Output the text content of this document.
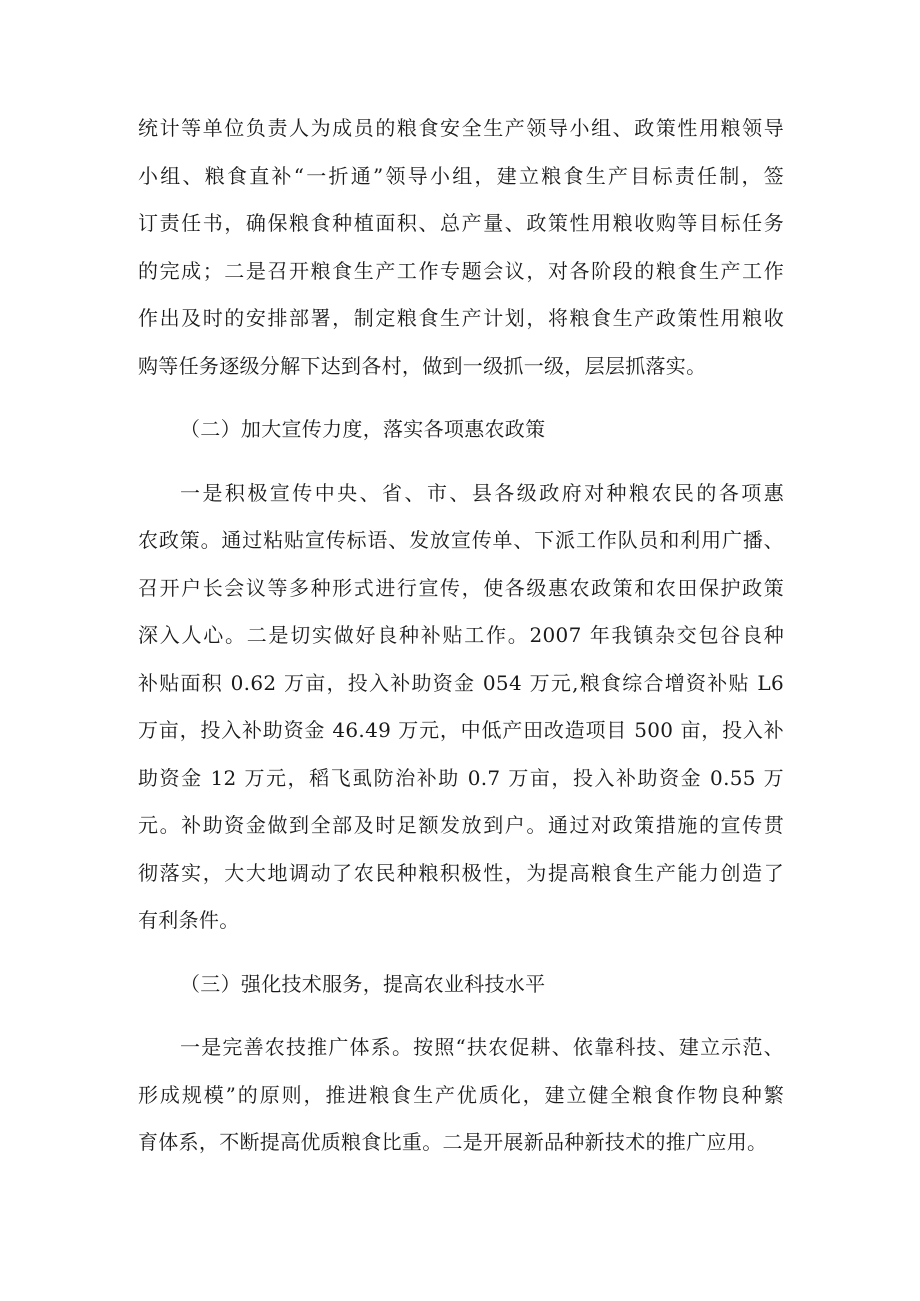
统计等单位负责人为成员的粮食安全生产领导小组、政策性用粮领导
小组、粮食直补“一折通”领导小组，建立粮食生产目标责任制，签
订责任书，确保粮食种植面积、总产量、政策性用粮收购等目标任务
的完成；二是召开粮食生产工作专题会议，对各阶段的粮食生产工作
作出及时的安排部署，制定粮食生产计划，将粮食生产政策性用粮收
购等任务逐级分解下达到各村，做到一级抓一级，层层抓落实。
（二）加大宣传力度，落实各项惠农政策
一是积极宣传中央、省、市、县各级政府对种粮农民的各项惠
农政策。通过粘贴宣传标语、发放宣传单、下派工作队员和利用广播、
召开户长会议等多种形式进行宣传，使各级惠农政策和农田保护政策
深入人心。二是切实做好良种补贴工作。2007 年我镇杂交包谷良种
补贴面积 0.62 万亩，投入补助资金 054 万元,粮食综合增资补贴 L6
万亩，投入补助资金 46.49 万元，中低产田改造项目 500 亩，投入补
助资金 12 万元，稻飞虱防治补助 0.7 万亩，投入补助资金 0.55 万
元。补助资金做到全部及时足额发放到户。通过对政策措施的宣传贯
彻落实，大大地调动了农民种粮积极性，为提高粮食生产能力创造了
有利条件。
（三）强化技术服务，提高农业科技水平
一是完善农技推广体系。按照“扶农促耕、依靠科技、建立示范、
形成规模”的原则，推进粮食生产优质化，建立健全粮食作物良种繁
育体系，不断提高优质粮食比重。二是开展新品种新技术的推广应用。
